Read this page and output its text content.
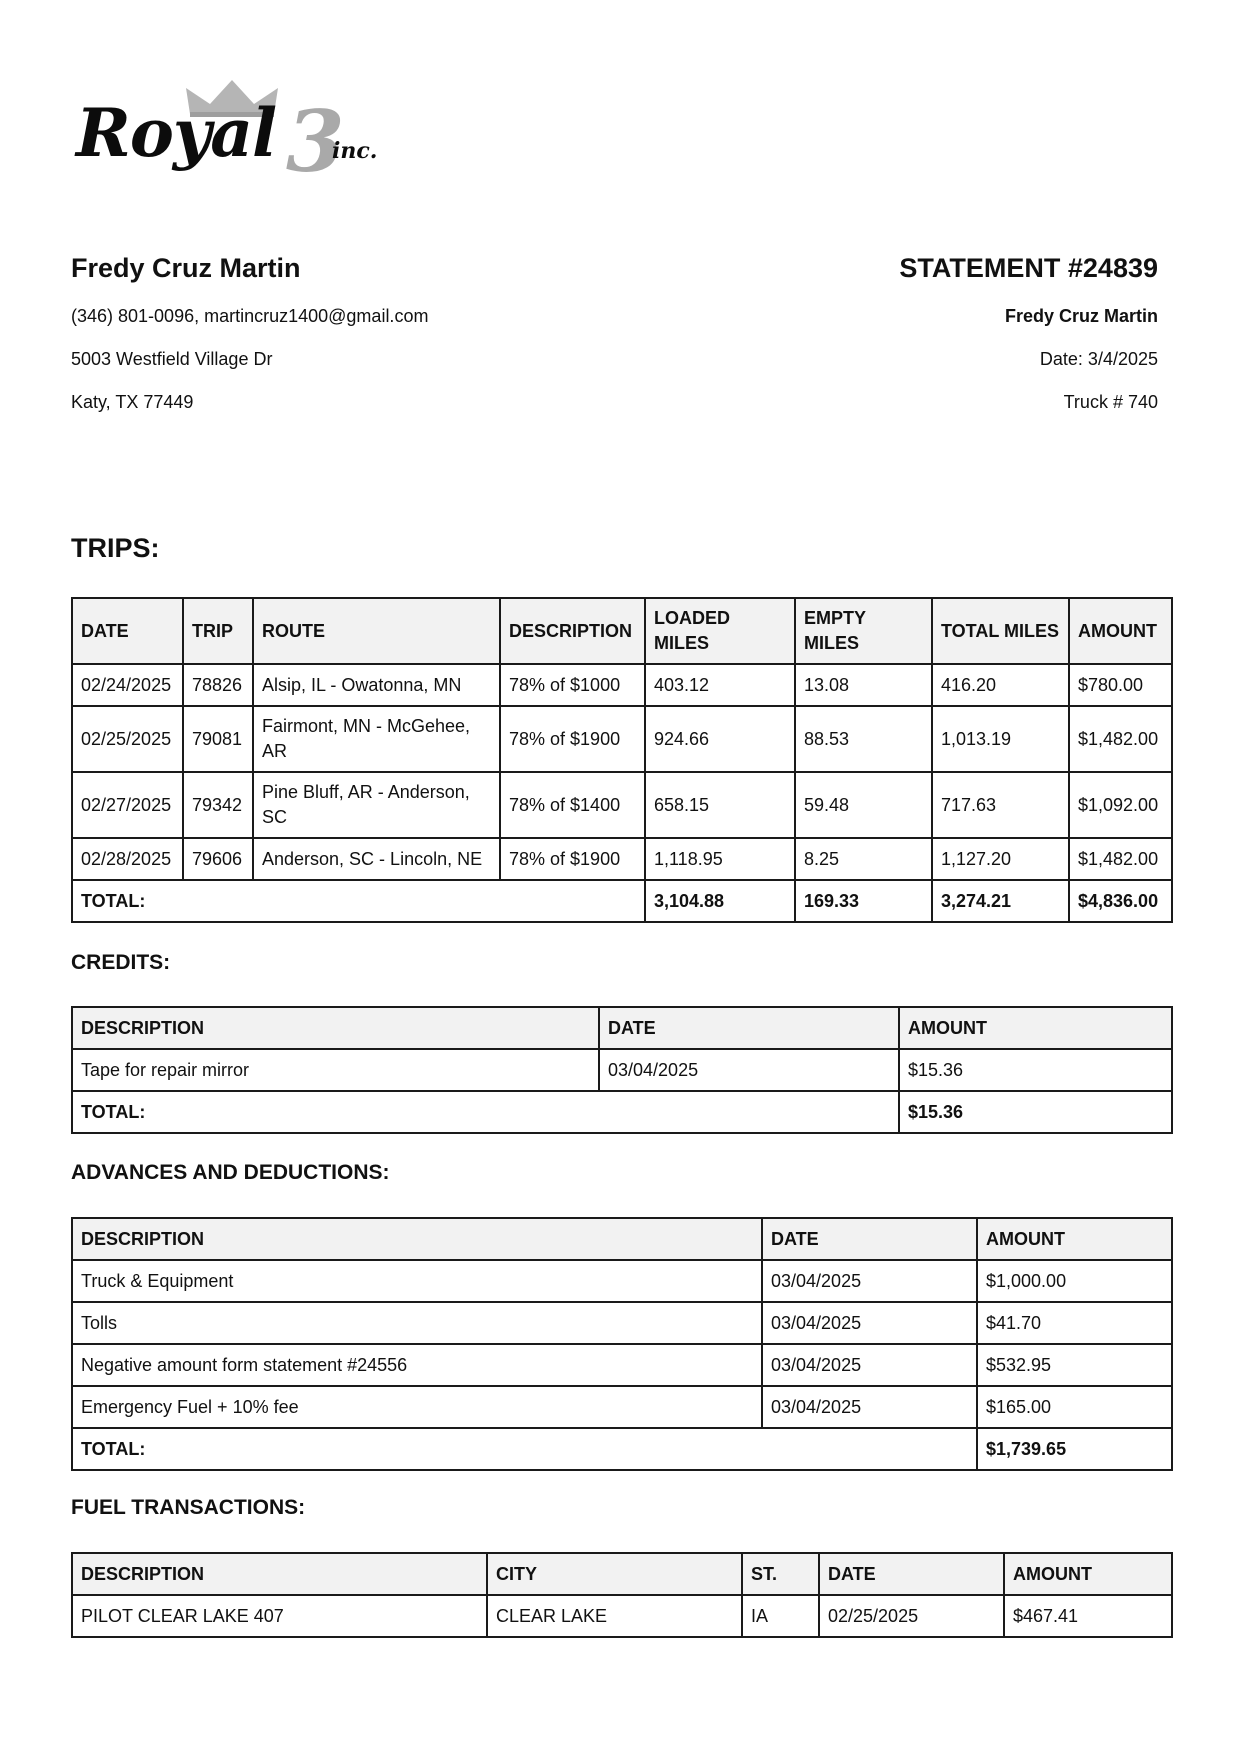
Royal 3
inc.

Fredy Cruz Martin

(346) 801-0096, martincruz1400@gmail.com

5003 Westfield Village Dr

Katy, TX 77449

STATEMENT #24839

Fredy Cruz Martin

Date: 3/4/2025

Truck # 740

TRIPS:
DATE	TRIP	ROUTE	DESCRIPTION	LOADED MILES	EMPTY MILES	TOTAL MILES	AMOUNT
02/24/2025	78826	Alsip, IL - Owatonna, MN	78% of $1000	403.12	13.08	416.20	$780.00
02/25/2025	79081	Fairmont, MN - McGehee, AR	78% of $1900	924.66	88.53	1,013.19	$1,482.00
02/27/2025	79342	Pine Bluff, AR - Anderson, SC	78% of $1400	658.15	59.48	717.63	$1,092.00
02/28/2025	79606	Anderson, SC - Lincoln, NE	78% of $1900	1,118.95	8.25	1,127.20	$1,482.00
TOTAL:				3,104.88	169.33	3,274.21	$4,836.00
CREDITS:
DESCRIPTION	DATE	AMOUNT
Tape for repair mirror	03/04/2025	$15.36
TOTAL:		$15.36
ADVANCES AND DEDUCTIONS:
DESCRIPTION	DATE	AMOUNT
Truck & Equipment	03/04/2025	$1,000.00
Tolls	03/04/2025	$41.70
Negative amount form statement #24556	03/04/2025	$532.95
Emergency Fuel + 10% fee	03/04/2025	$165.00
TOTAL:		$1,739.65
FUEL TRANSACTIONS:
DESCRIPTION	CITY	ST.	DATE	AMOUNT
PILOT CLEAR LAKE 407	CLEAR LAKE	IA	02/25/2025	$467.41
